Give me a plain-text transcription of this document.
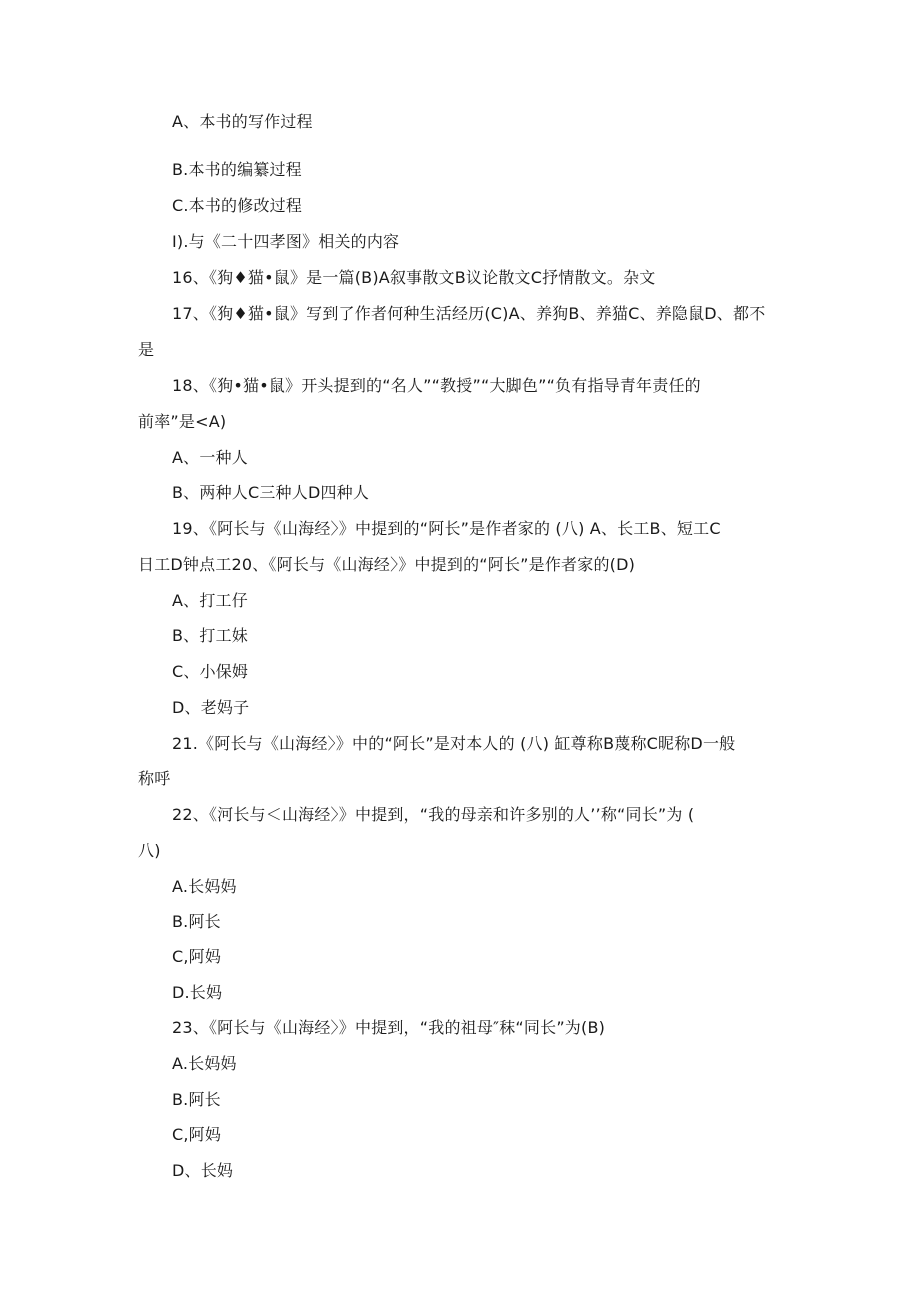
A、本书的写作过程
B.本书的编纂过程
C.本书的修改过程
I).与《二十四孝图》相关的内容
16、《狗♦猫•鼠》是一篇(B)A叙事散文B议论散文C抒情散文。杂文
17、《狗♦猫•鼠》写到了作者何种生活经历(C)A、养狗B、养猫C、养隐鼠D、都不
是
18、《狗•猫•鼠》开头提到的“名人”“教授”“大脚色”“负有指导青年责任的
前率”是<A)
A、一种人
B、两种人C三种人D四种人
19、《阿长与《山海经〉》中提到的“阿长”是作者家的 (八) A、长工B、短工C
日工D钟点工20、《阿长与《山海经〉》中提到的“阿长”是作者家的(D)
A、打工仔
B、打工妹
C、小保姆
D、老妈子
21.《阿长与《山海经〉》中的“阿长”是对本人的 (八) 缸尊称B蔑称C昵称D一般
称呼
22、《河长与＜山海经〉》中提到，“我的母亲和许多别的人’’称“同长”为 (
八)
A.长妈妈
B.阿长
C,阿妈
D.长妈
23、《阿长与《山海经〉》中提到，“我的祖母″秣“同长”为(B)
A.长妈妈
B.阿长
C,阿妈
D、长妈
